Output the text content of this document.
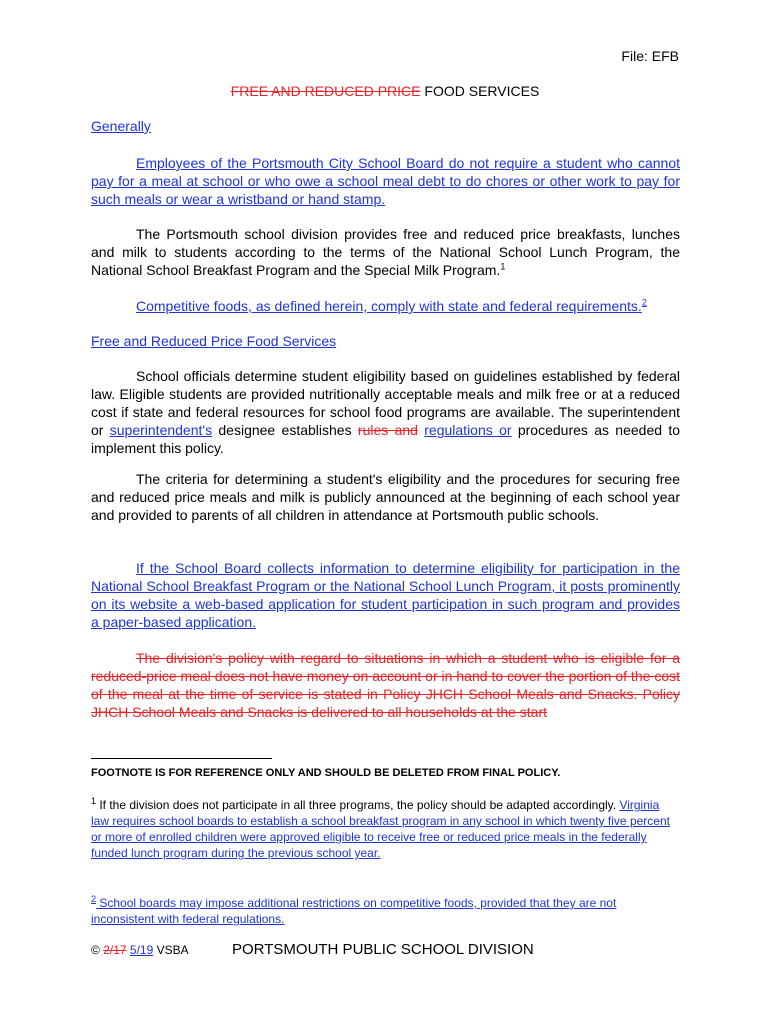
File: EFB
FREE AND REDUCED PRICE FOOD SERVICES
Generally

Employees of the Portsmouth City School Board do not require a student who cannot pay for a meal at school or who owe a school meal debt to do chores or other work to pay for such meals or wear a wristband or hand stamp.

The Portsmouth school division provides free and reduced price breakfasts, lunches and milk to students according to the terms of the National School Lunch Program, the National School Breakfast Program and the Special Milk Program.$^1$

Competitive foods, as defined herein, comply with state and federal requirements.$^2$

Free and Reduced Price Food Services

School officials determine student eligibility based on guidelines established by federal law. Eligible students are provided nutritionally acceptable meals and milk free or at a reduced cost if state and federal resources for school food programs are available. The superintendent or superintendent's designee establishes rules and regulations or procedures as needed to implement this policy.

The criteria for determining a student's eligibility and the procedures for securing free and reduced price meals and milk is publicly announced at the beginning of each school year and provided to parents of all children in attendance at Portsmouth public schools.

If the School Board collects information to determine eligibility for participation in the National School Breakfast Program or the National School Lunch Program, it posts prominently on its website a web-based application for student participation in such program and provides a paper-based application.

The division's policy with regard to situations in which a student who is eligible for a reduced-price meal does not have money on account or in hand to cover the portion of the cost of the meal at the time of service is stated in Policy JHCH School Meals and Snacks. Policy JHCH School Meals and Snacks is delivered to all households at the start

FOOTNOTE IS FOR REFERENCE ONLY AND SHOULD BE DELETED FROM FINAL POLICY.

$^1$ If the division does not participate in all three programs, the policy should be adapted accordingly. Virginia law requires school boards to establish a school breakfast program in any school in which twenty five percent or more of enrolled children were approved eligible to receive free or reduced price meals in the federally funded lunch program during the previous school year.

$^2$ School boards may impose additional restrictions on competitive foods, provided that they are not inconsistent with federal regulations.

© 2/17 5/19 VSBA	PORTSMOUTH PUBLIC SCHOOL DIVISION
